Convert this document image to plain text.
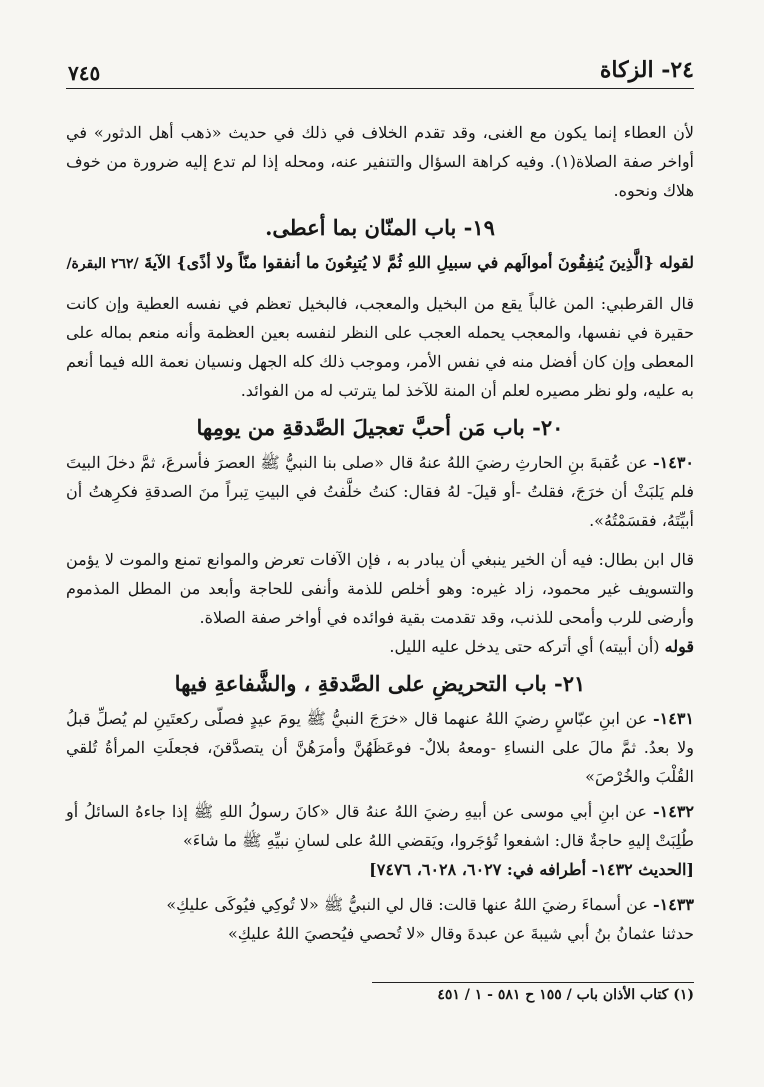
٢٤- الزكاة
٧٤٥

لأن العطاء إنما يكون مع الغنى، وقد تقدم الخلاف في ذلك في حديث «ذهب أهل الدثور» في أواخر صفة الصلاة(١). وفيه كراهة السؤال والتنفير عنه، ومحله إذا لم تدع إليه ضرورة من خوف هلاك ونحوه.

١٩- باب المنّان بما أعطى.

لقوله {الَّذِينَ يُنفِقُونَ أموالَهم في سبيلِ اللهِ ثُمَّ لا يُتبِعُونَ ما أنفقوا منّاً ولا أذًى} الآيةَ /٢٦٢ البقرة/

قال القرطبي: المن غالباً يقع من البخيل والمعجب، فالبخيل تعظم في نفسه العطية وإن كانت حقيرة في نفسها، والمعجب يحمله العجب على النظر لنفسه بعين العظمة وأنه منعم بماله على المعطى وإن كان أفضل منه في نفس الأمر، وموجب ذلك كله الجهل ونسيان نعمة الله فيما أنعم به عليه، ولو نظر مصيره لعلم أن المنة للآخذ لما يترتب له من الفوائد.

٢٠- باب مَن أحبَّ تعجيلَ الصَّدقةِ من يومِها

١٤٣٠- عن عُقبةَ بنِ الحارثِ رضيَ اللهُ عنهُ قال «صلى بنا النبيُّ ﷺ العصرَ فأسرعَ، ثمَّ دخلَ البيتَ فلم يَلبَثْ أن خرَجَ، فقلتُ -أو قيلَ- لهُ فقال: كنتُ خلَّفتُ في البيتِ تِبراً منَ الصدقةِ فكرِهتُ أن أبيِّتَهُ، فقسَمْتُهُ».

قال ابن بطال: فيه أن الخير ينبغي أن يبادر به ، فإن الآفات تعرض والموانع تمنع والموت لا يؤمن والتسويف غير محمود، زاد غيره: وهو أخلص للذمة وأنفى للحاجة وأبعد من المطل المذموم وأرضى للرب وأمحى للذنب، وقد تقدمت بقية فوائده في أواخر صفة الصلاة.

قوله (أن أبيته) أي أتركه حتى يدخل عليه الليل.

٢١- باب التحريضِ على الصَّدقةِ ، والشَّفاعةِ فيها

١٤٣١- عن ابنِ عبّاسٍ رضيَ اللهُ عنهما قال «خرَجَ النبيُّ ﷺ يومَ عيدٍ فصلّى ركعتَينِ لم يُصلِّ قبلُ ولا بعدُ. ثمَّ مالَ على النساءِ -ومعهُ بلالٌ- فوعَظَهُنَّ وأمرَهُنَّ أن يتصدَّقنَ، فجعلَتِ المرأةُ تُلقي القُلْبَ والخُرْصَ»

١٤٣٢- عن ابنِ أبي موسى عن أبيهِ رضيَ اللهُ عنهُ قال «كانَ رسولُ اللهِ ﷺ إذا جاءهُ السائلُ أو طُلِبَتْ إليهِ حاجةٌ قال: اشفعوا تُؤجَروا، ويَقضي اللهُ على لسانِ نبيِّهِ ﷺ ما شاءَ»

[الحديث ١٤٣٢- أطرافه في: ٦٠٢٧، ٦٠٢٨، ٧٤٧٦]

١٤٣٣- عن أسماءَ رضيَ اللهُ عنها قالت: قال لي النبيُّ ﷺ «لا تُوكِي فيُوكَى عليكِ»

حدثنا عثمانُ بنُ أبي شيبةَ عن عبدةَ وقال «لا تُحصي فيُحصيَ اللهُ عليكِ»

(١) كتاب الأذان باب / ١٥٥ ح ٥٨١ - ١ / ٤٥١
